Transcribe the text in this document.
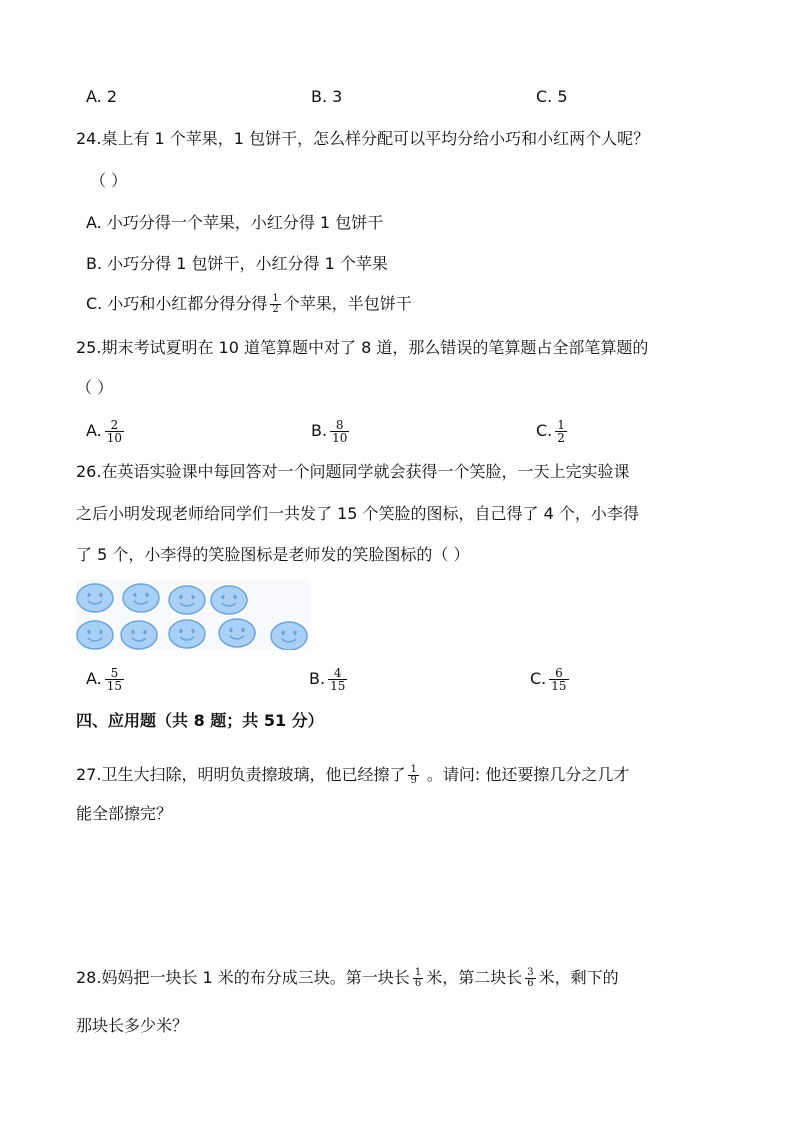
A. 2	B. 3	C. 5
24.桌上有 1 个苹果，1 包饼干，怎么样分配可以平均分给小巧和小红两个人呢？
（ ）
A. 小巧分得一个苹果，小红分得 1 包饼干
B. 小巧分得 1 包饼干，小红分得 1 个苹果
C. 小巧和小红都分得分得 $\frac{1}{2}$ 个苹果，半包饼干
25.期末考试夏明在 10 道笔算题中对了 8 道，那么错误的笔算题占全部笔算题的
（ ）
A. $\frac{2}{10}$	B. $\frac{8}{10}$	C. $\frac{1}{2}$
26.在英语实验课中每回答对一个问题同学就会获得一个笑脸，一天上完实验课
之后小明发现老师给同学们一共发了 15 个笑脸的图标，自己得了 4 个，小李得
了 5 个，小李得的笑脸图标是老师发的笑脸图标的（ ）
A. $\frac{5}{15}$	B. $\frac{4}{15}$	C. $\frac{6}{15}$
四、应用题（共 8 题；共 51 分）
27.卫生大扫除，明明负责擦玻璃，他已经擦了 $\frac{1}{9}$ 。请问: 他还要擦几分之几才
能全部擦完？
28.妈妈把一块长 1 米的布分成三块。第一块长 $\frac{1}{6}$ 米，第二块长 $\frac{3}{6}$ 米，剩下的
那块长多少米？
